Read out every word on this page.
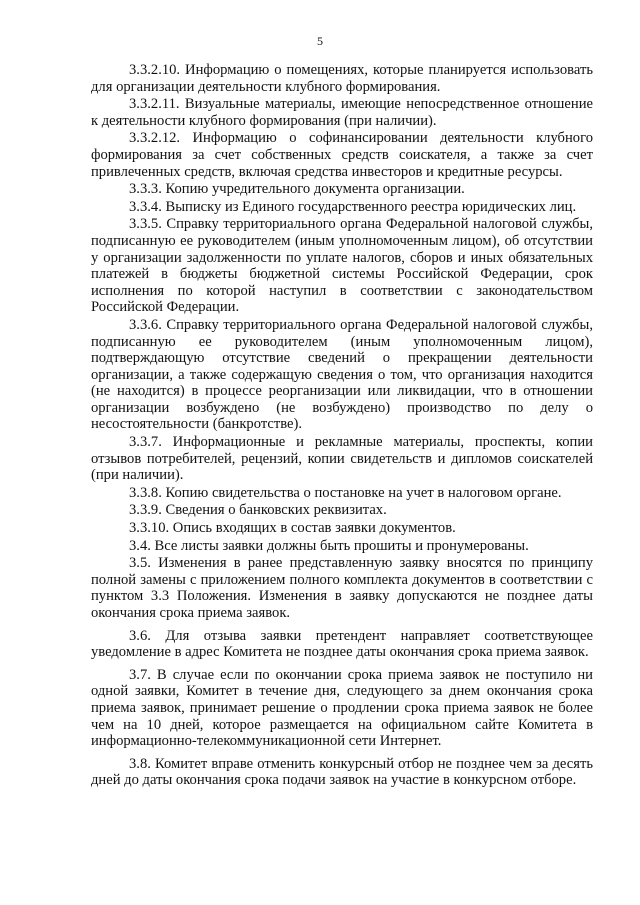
5

3.3.2.10. Информацию о помещениях, которые планируется использовать для организации деятельности клубного формирования.

3.3.2.11. Визуальные материалы, имеющие непосредственное отношение к деятельности клубного формирования (при наличии).

3.3.2.12. Информацию о софинансировании деятельности клубного формирования за счет собственных средств соискателя, а также за счет привлеченных средств, включая средства инвесторов и кредитные ресурсы.

3.3.3. Копию учредительного документа организации.

3.3.4. Выписку из Единого государственного реестра юридических лиц.

3.3.5. Справку территориального органа Федеральной налоговой службы, подписанную ее руководителем (иным уполномоченным лицом), об отсутствии у организации задолженности по уплате налогов, сборов и иных обязательных платежей в бюджеты бюджетной системы Российской Федерации, срок исполнения по которой наступил в соответствии с законодательством Российской Федерации.

3.3.6. Справку территориального органа Федеральной налоговой службы, подписанную ее руководителем (иным уполномоченным лицом), подтверждающую отсутствие сведений о прекращении деятельности организации, а также содержащую сведения о том, что организация находится (не находится) в процессе реорганизации или ликвидации, что в отношении организации возбуждено (не возбуждено) производство по делу о несостоятельности (банкротстве).

3.3.7. Информационные и рекламные материалы, проспекты, копии отзывов потребителей, рецензий, копии свидетельств и дипломов соискателей (при наличии).

3.3.8. Копию свидетельства о постановке на учет в налоговом органе.

3.3.9. Сведения о банковских реквизитах.

3.3.10. Опись входящих в состав заявки документов.

3.4. Все листы заявки должны быть прошиты и пронумерованы.

3.5. Изменения в ранее представленную заявку вносятся по принципу полной замены с приложением полного комплекта документов в соответствии с пунктом 3.3 Положения. Изменения в заявку допускаются не позднее даты окончания срока приема заявок.

3.6. Для отзыва заявки претендент направляет соответствующее уведомление в адрес Комитета не позднее даты окончания срока приема заявок.

3.7. В случае если по окончании срока приема заявок не поступило ни одной заявки, Комитет в течение дня, следующего за днем окончания срока приема заявок, принимает решение о продлении срока приема заявок не более чем на 10 дней, которое размещается на официальном сайте Комитета в информационно-телекоммуникационной сети Интернет.

3.8. Комитет вправе отменить конкурсный отбор не позднее чем за десять дней до даты окончания срока подачи заявок на участие в конкурсном отборе.
